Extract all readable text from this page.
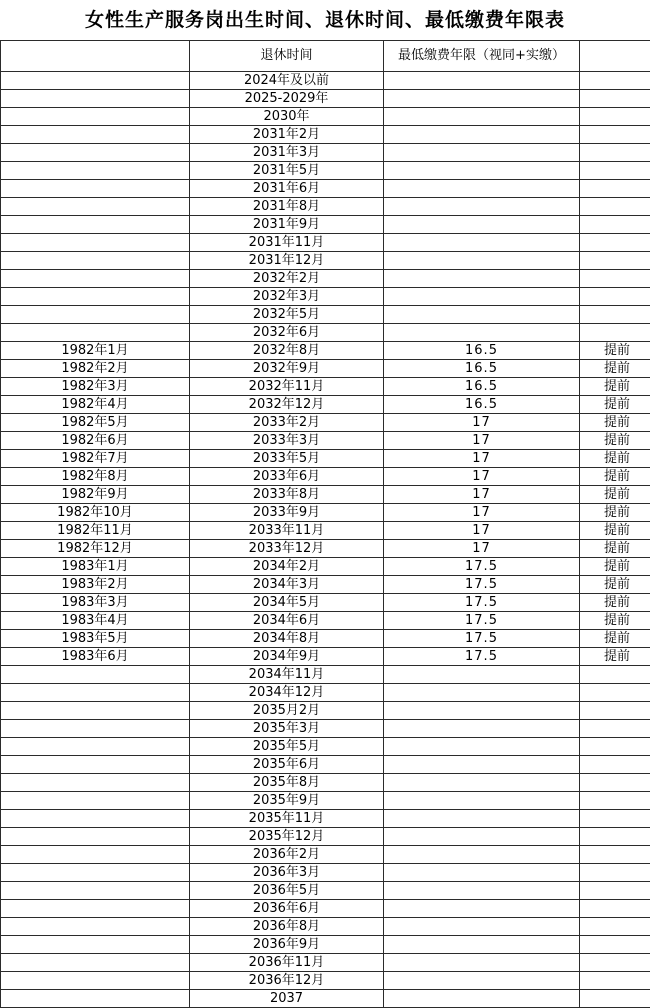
女性生产服务岗出生时间、退休时间、最低缴费年限表
	退休时间	最低缴费年限（视同+实缴）	
	2024年及以前		
	2025-2029年		
	2030年		
	2031年2月		
	2031年3月		
	2031年5月		
	2031年6月		
	2031年8月		
	2031年9月		
	2031年11月		
	2031年12月		
	2032年2月		
	2032年3月		
	2032年5月		
	2032年6月		
1982年1月	2032年8月	16.5	提前
1982年2月	2032年9月	16.5	提前
1982年3月	2032年11月	16.5	提前
1982年4月	2032年12月	16.5	提前
1982年5月	2033年2月	17	提前
1982年6月	2033年3月	17	提前
1982年7月	2033年5月	17	提前
1982年8月	2033年6月	17	提前
1982年9月	2033年8月	17	提前
1982年10月	2033年9月	17	提前
1982年11月	2033年11月	17	提前
1982年12月	2033年12月	17	提前
1983年1月	2034年2月	17.5	提前
1983年2月	2034年3月	17.5	提前
1983年3月	2034年5月	17.5	提前
1983年4月	2034年6月	17.5	提前
1983年5月	2034年8月	17.5	提前
1983年6月	2034年9月	17.5	提前
	2034年11月		
	2034年12月		
	2035月2月		
	2035年3月		
	2035年5月		
	2035年6月		
	2035年8月		
	2035年9月		
	2035年11月		
	2035年12月		
	2036年2月		
	2036年3月		
	2036年5月		
	2036年6月		
	2036年8月		
	2036年9月		
	2036年11月		
	2036年12月		
	2037		
